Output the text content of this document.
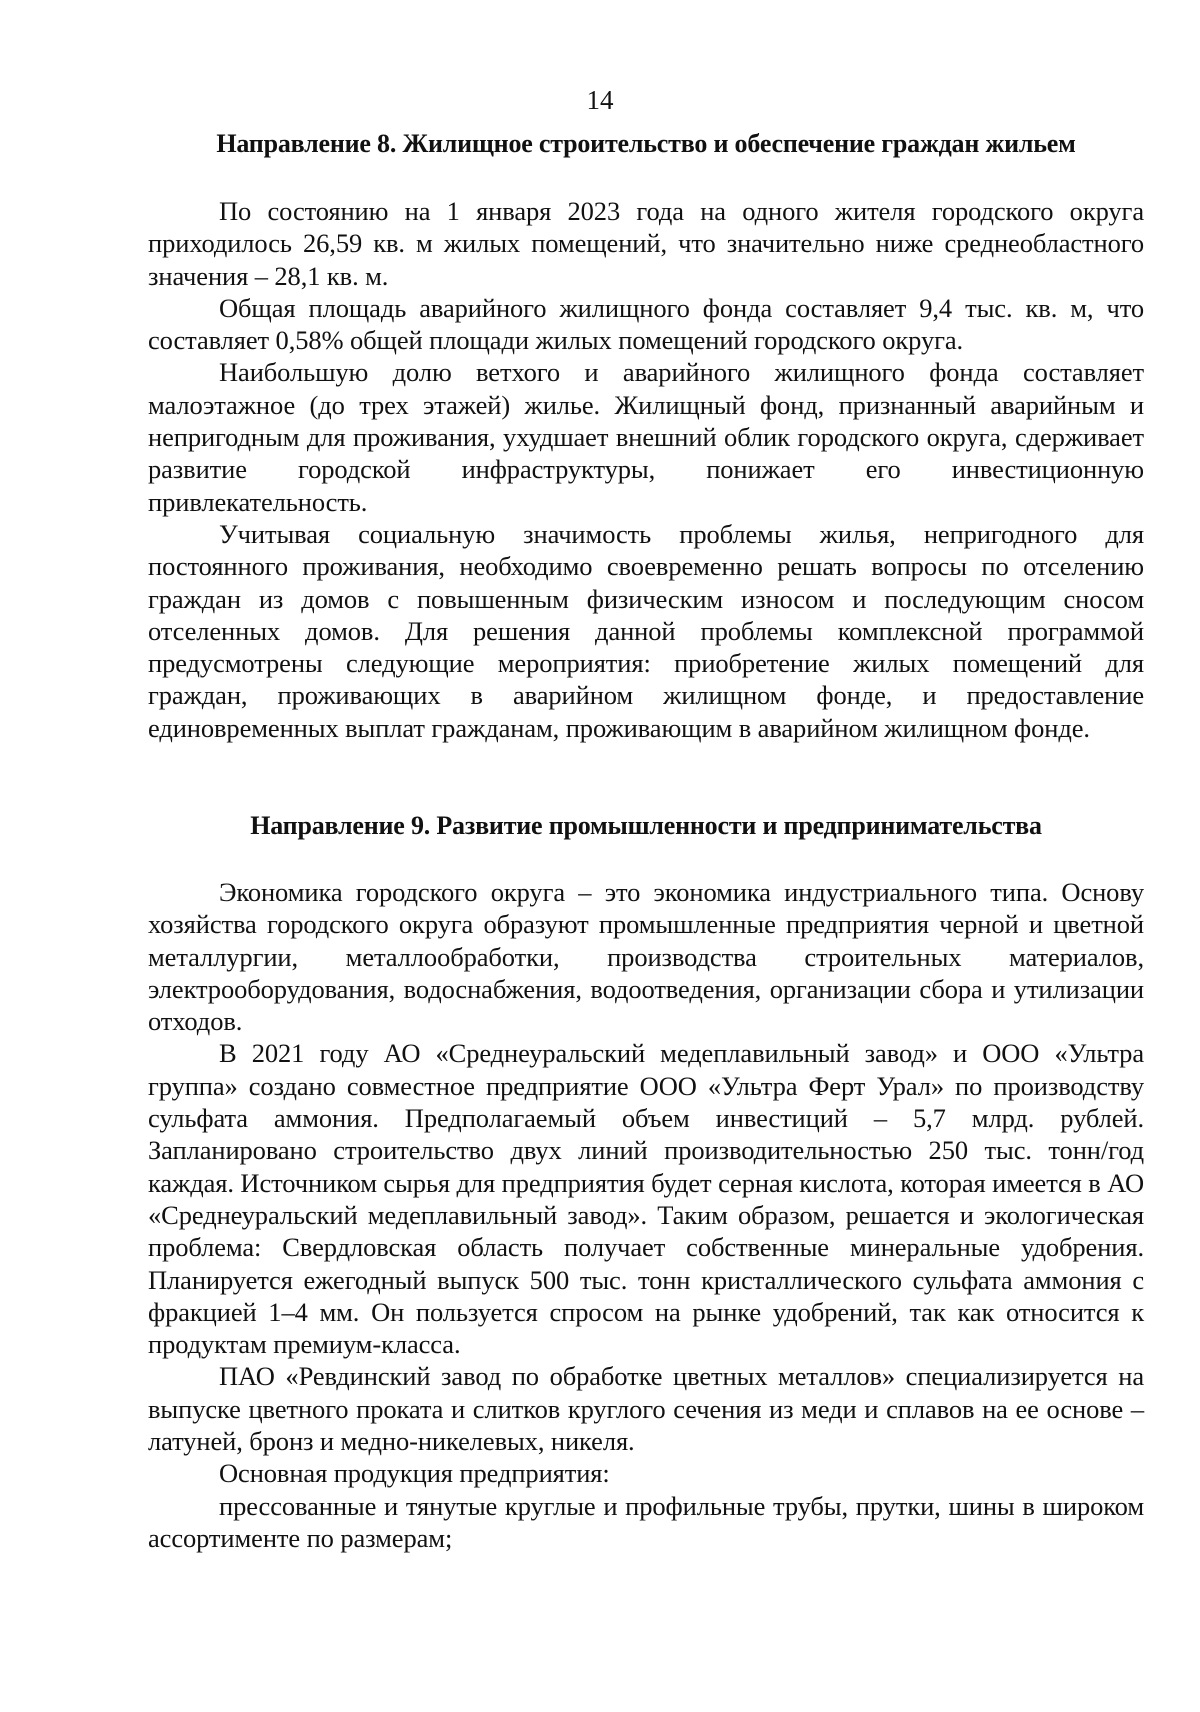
14
Направление 8. Жилищное строительство и обеспечение граждан жильем

По состоянию на 1 января 2023 года на одного жителя городского округа приходилось 26,59 кв. м жилых помещений, что значительно ниже среднеобластного значения – 28,1 кв. м.

Общая площадь аварийного жилищного фонда составляет 9,4 тыс. кв. м, что составляет 0,58% общей площади жилых помещений городского округа.

Наибольшую долю ветхого и аварийного жилищного фонда составляет малоэтажное (до трех этажей) жилье. Жилищный фонд, признанный аварийным и непригодным для проживания, ухудшает внешний облик городского округа, сдерживает развитие городской инфраструктуры, понижает его инвестиционную привлекательность.

Учитывая социальную значимость проблемы жилья, непригодного для постоянного проживания, необходимо своевременно решать вопросы по отселению граждан из домов с повышенным физическим износом и последующим сносом отселенных домов. Для решения данной проблемы комплексной программой предусмотрены следующие мероприятия: приобретение жилых помещений для граждан, проживающих в аварийном жилищном фонде, и предоставление единовременных выплат гражданам, проживающим в аварийном жилищном фонде.

Направление 9. Развитие промышленности и предпринимательства

Экономика городского округа – это экономика индустриального типа. Основу хозяйства городского округа образуют промышленные предприятия черной и цветной металлургии, металлообработки, производства строительных материалов, электрооборудования, водоснабжения, водоотведения, организации сбора и утилизации отходов.

В 2021 году АО «Среднеуральский медеплавильный завод» и ООО «Ультра группа» создано совместное предприятие ООО «Ультра Ферт Урал» по производству сульфата аммония. Предполагаемый объем инвестиций – 5,7 млрд. рублей. Запланировано строительство двух линий производительностью 250 тыс. тонн/год каждая. Источником сырья для предприятия будет серная кислота, которая имеется в АО «Среднеуральский медеплавильный завод». Таким образом, решается и экологическая проблема: Свердловская область получает собственные минеральные удобрения. Планируется ежегодный выпуск 500 тыс. тонн кристаллического сульфата аммония с фракцией 1–4 мм. Он пользуется спросом на рынке удобрений, так как относится к продуктам премиум-класса.

ПАО «Ревдинский завод по обработке цветных металлов» специализируется на выпуске цветного проката и слитков круглого сечения из меди и сплавов на ее основе – латуней, бронз и медно-никелевых, никеля.

Основная продукция предприятия:

прессованные и тянутые круглые и профильные трубы, прутки, шины в широком ассортименте по размерам;
